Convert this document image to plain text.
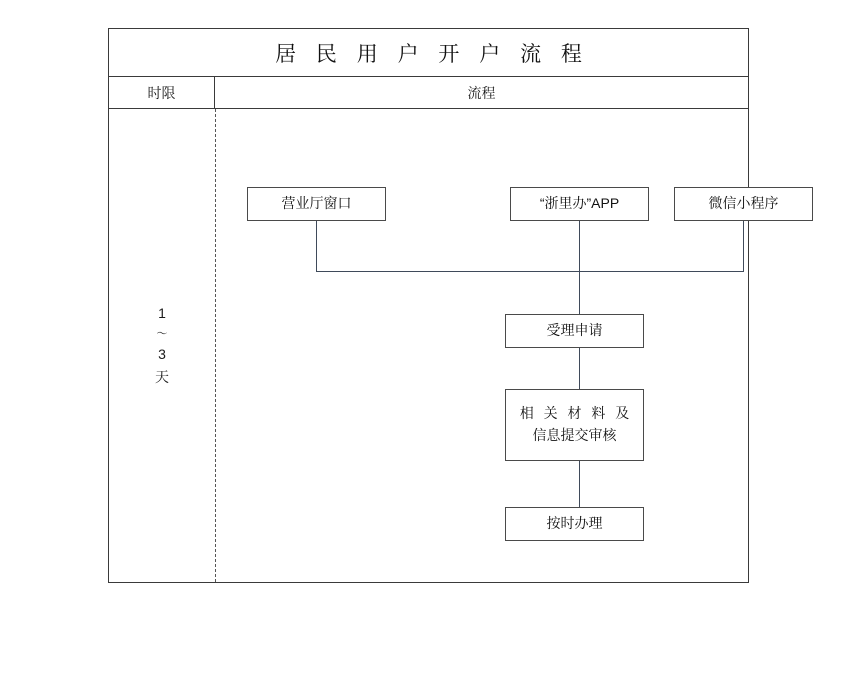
居 民 用 户 开 户 流 程
时限	流程
1
～
3
天
营业厅窗口	“浙里办”APP	微信小程序
受理申请
相 关 材 料 及
信息提交审核
按时办理
